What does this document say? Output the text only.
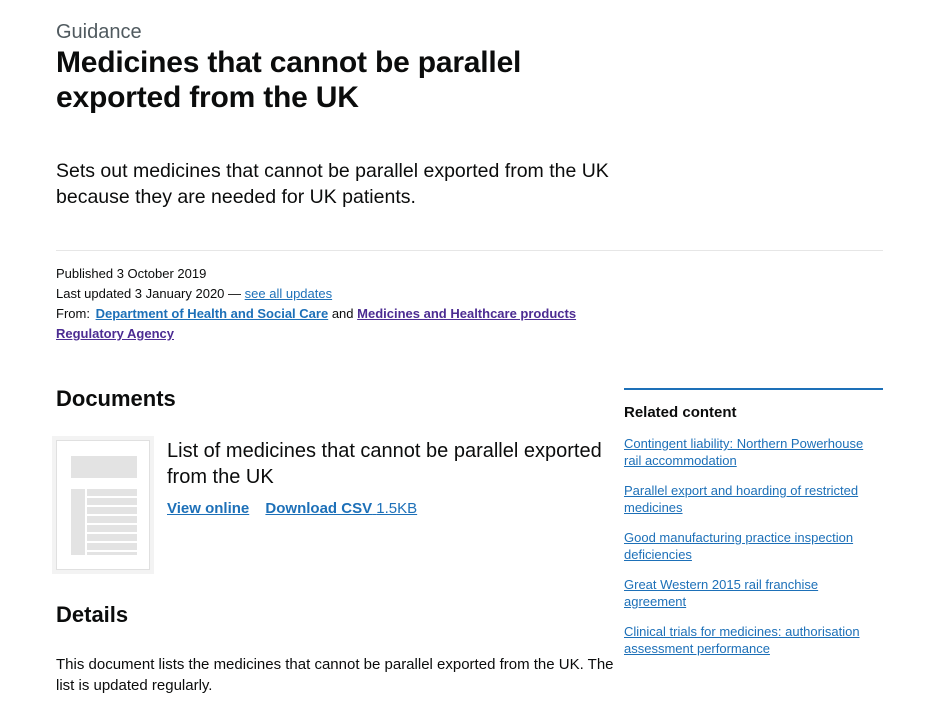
Guidance
Medicines that cannot be parallel exported from the UK

Sets out medicines that cannot be parallel exported from the UK because they are needed for UK patients.

Published 3 October 2019
Last updated 3 January 2020 — see all updates
From: Department of Health and Social Care and Medicines and Healthcare products Regulatory Agency
Documents
List of medicines that cannot be parallel exported from the UK
View online Download CSV 1.5KB
Details

This document lists the medicines that cannot be parallel exported from the UK. The list is updated regularly.

Related content
Contingent liability: Northern Powerhouse rail accommodation
Parallel export and hoarding of restricted medicines
Good manufacturing practice inspection deficiencies
Great Western 2015 rail franchise agreement
Clinical trials for medicines: authorisation assessment performance
